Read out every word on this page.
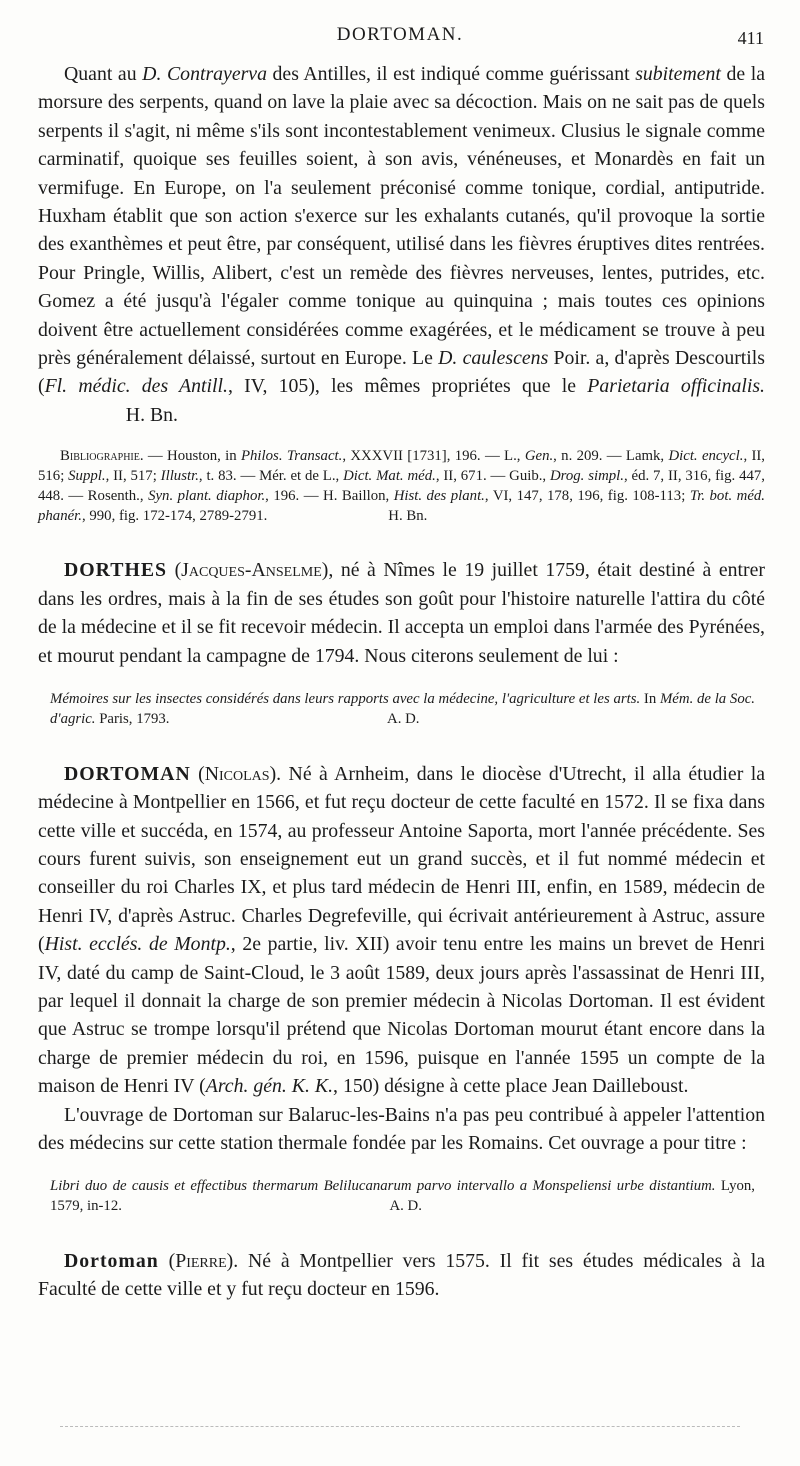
DORTOMAN.	411

Quant au D. Contrayerva des Antilles, il est indiqué comme guérissant subitement de la morsure des serpents, quand on lave la plaie avec sa décoction. Mais on ne sait pas de quels serpents il s'agit, ni même s'ils sont incontestablement venimeux. Clusius le signale comme carminatif, quoique ses feuilles soient, à son avis, vénéneuses, et Monardès en fait un vermifuge. En Europe, on l'a seulement préconisé comme tonique, cordial, antiputride. Huxham établit que son action s'exerce sur les exhalants cutanés, qu'il provoque la sortie des exanthèmes et peut être, par conséquent, utilisé dans les fièvres éruptives dites rentrées. Pour Pringle, Willis, Alibert, c'est un remède des fièvres nerveuses, lentes, putrides, etc. Gomez a été jusqu'à l'égaler comme tonique au quinquina ; mais toutes ces opinions doivent être actuellement considérées comme exagérées, et le médicament se trouve à peu près généralement délaissé, surtout en Europe. Le D. caulescens Poir. a, d'après Descourtils (Fl. médic. des Antill., IV, 105), les mêmes propriétes que le Parietaria officinalis.H. Bn.

Bibliographie. — Houston, in Philos. Transact., XXXVII [1731], 196. — L., Gen., n. 209. — Lamk, Dict. encycl., II, 516; Suppl., II, 517; Illustr., t. 83. — Mér. et de L., Dict. Mat. méd., II, 671. — Guib., Drog. simpl., éd. 7, II, 316, fig. 447, 448. — Rosenth., Syn. plant. diaphor., 196. — H. Baillon, Hist. des plant., VI, 147, 178, 196, fig. 108-113; Tr. bot. méd. phanér., 990, fig. 172-174, 2789-2791.	H. Bn.

DORTHES (Jacques-Anselme), né à Nîmes le 19 juillet 1759, était destiné à entrer dans les ordres, mais à la fin de ses études son goût pour l'histoire naturelle l'attira du côté de la médecine et il se fit recevoir médecin. Il accepta un emploi dans l'armée des Pyrénées, et mourut pendant la campagne de 1794. Nous citerons seulement de lui :

Mémoires sur les insectes considérés dans leurs rapports avec la médecine, l'agriculture et les arts. In Mém. de la Soc. d'agric. Paris, 1793.	A. D.

DORTOMAN (Nicolas). Né à Arnheim, dans le diocèse d'Utrecht, il alla étudier la médecine à Montpellier en 1566, et fut reçu docteur de cette faculté en 1572. Il se fixa dans cette ville et succéda, en 1574, au professeur Antoine Saporta, mort l'année précédente. Ses cours furent suivis, son enseignement eut un grand succès, et il fut nommé médecin et conseiller du roi Charles IX, et plus tard médecin de Henri III, enfin, en 1589, médecin de Henri IV, d'après Astruc. Charles Degrefeville, qui écrivait antérieurement à Astruc, assure (Hist. ecclés. de Montp., 2e partie, liv. XII) avoir tenu entre les mains un brevet de Henri IV, daté du camp de Saint-Cloud, le 3 août 1589, deux jours après l'assassinat de Henri III, par lequel il donnait la charge de son premier médecin à Nicolas Dortoman. Il est évident que Astruc se trompe lorsqu'il prétend que Nicolas Dortoman mourut étant encore dans la charge de premier médecin du roi, en 1596, puisque en l'année 1595 un compte de la maison de Henri IV (Arch. gén. K. K., 150) désigne à cette place Jean Dailleboust.

L'ouvrage de Dortoman sur Balaruc-les-Bains n'a pas peu contribué à appeler l'attention des médecins sur cette station thermale fondée par les Romains. Cet ouvrage a pour titre :

Libri duo de causis et effectibus thermarum Belilucanarum parvo intervallo a Monspeliensi urbe distantium. Lyon, 1579, in-12.	A. D.

Dortoman (Pierre). Né à Montpellier vers 1575. Il fit ses études médicales à la Faculté de cette ville et y fut reçu docteur en 1596.
